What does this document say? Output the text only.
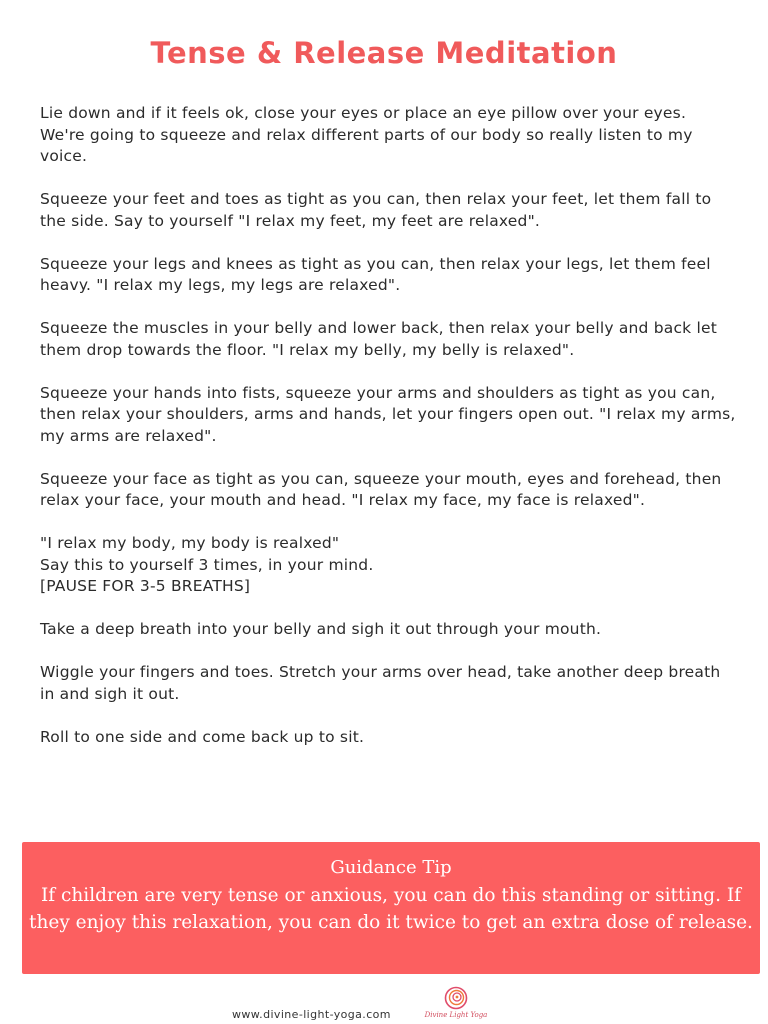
Tense & Release Meditation

Lie down and if it feels ok, close your eyes or place an eye pillow over your eyes.
We're going to squeeze and relax different parts of our body so really listen to my voice.

Squeeze your feet and toes as tight as you can, then relax your feet, let them fall to the side. Say to yourself "I relax my feet, my feet are relaxed".

Squeeze your legs and knees as tight as you can, then relax your legs, let them feel heavy. "I relax my legs, my legs are relaxed".

Squeeze the muscles in your belly and lower back, then relax your belly and back let them drop towards the floor. "I relax my belly, my belly is relaxed".

Squeeze your hands into fists, squeeze your arms and shoulders as tight as you can, then relax your shoulders, arms and hands, let your fingers open out. "I relax my arms, my arms are relaxed".

Squeeze your face as tight as you can, squeeze your mouth, eyes and forehead, then relax your face, your mouth and head. "I relax my face, my face is relaxed".

"I relax my body, my body is realxed"
Say this to yourself 3 times, in your mind.
[PAUSE FOR 3-5 BREATHS]

Take a deep breath into your belly and sigh it out through your mouth.

Wiggle your fingers and toes. Stretch your arms over head, take another deep breath in and sigh it out.

Roll to one side and come back up to sit.

Guidance Tip
If children are very tense or anxious, you can do this standing or sitting. If they enjoy this relaxation, you can do it twice to get an extra dose of release.
www.divine-light-yoga.com	Divine Light Yoga
